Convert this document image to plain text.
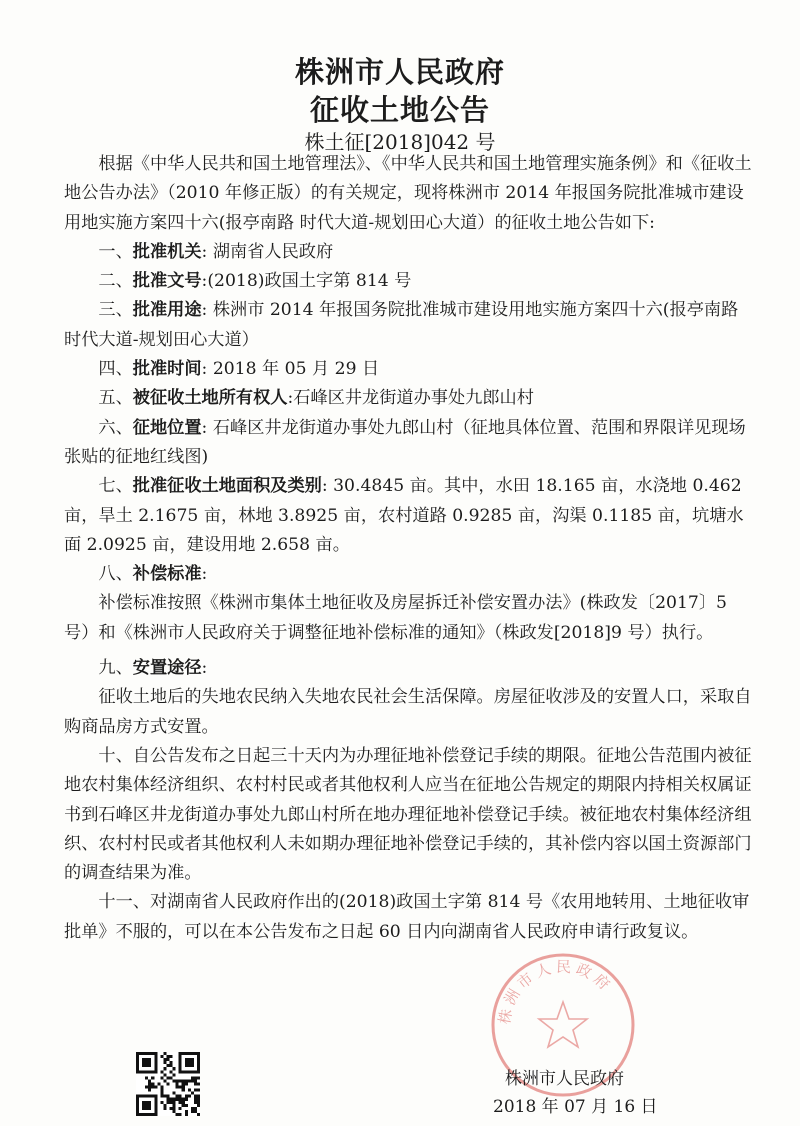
株洲市人民政府
征收土地公告
株土征[2018]042 号

根据《中华人民共和国土地管理法》、《中华人民共和国土地管理实施条例》和《征收土地公告办法》（2010 年修正版）的有关规定，现将株洲市 2014 年报国务院批准城市建设用地实施方案四十六(报亭南路 时代大道-规划田心大道）的征收土地公告如下:

一、批准机关: 湖南省人民政府

二、批准文号:(2018)政国土字第 814 号

三、批准用途: 株洲市 2014 年报国务院批准城市建设用地实施方案四十六(报亭南路 时代大道-规划田心大道）

四、批准时间: 2018 年 05 月 29 日

五、被征收土地所有权人:石峰区井龙街道办事处九郎山村

六、征地位置: 石峰区井龙街道办事处九郎山村（征地具体位置、范围和界限详见现场张贴的征地红线图)

七、批准征收土地面积及类别: 30.4845 亩。其中，水田 18.165 亩，水浇地 0.462 亩，旱土 2.1675 亩，林地 3.8925 亩，农村道路 0.9285 亩，沟渠 0.1185 亩，坑塘水面 2.0925 亩，建设用地 2.658 亩。

八、补偿标准:

补偿标准按照《株洲市集体土地征收及房屋拆迁补偿安置办法》(株政发〔2017〕5 号）和《株洲市人民政府关于调整征地补偿标准的通知》（株政发[2018]9 号）执行。

九、安置途径:

征收土地后的失地农民纳入失地农民社会生活保障。房屋征收涉及的安置人口，采取自购商品房方式安置。

十、自公告发布之日起三十天内为办理征地补偿登记手续的期限。征地公告范围内被征地农村集体经济组织、农村村民或者其他权利人应当在征地公告规定的期限内持相关权属证书到石峰区井龙街道办事处九郎山村所在地办理征地补偿登记手续。被征地农村集体经济组织、农村村民或者其他权利人未如期办理征地补偿登记手续的，其补偿内容以国土资源部门的调查结果为准。

十一、对湖南省人民政府作出的(2018)政国土字第 814 号《农用地转用、土地征收审批单》不服的，可以在本公告发布之日起 60 日内向湖南省人民政府申请行政复议。

株洲市人民政府
株洲市人民政府
2018 年 07 月 16 日
